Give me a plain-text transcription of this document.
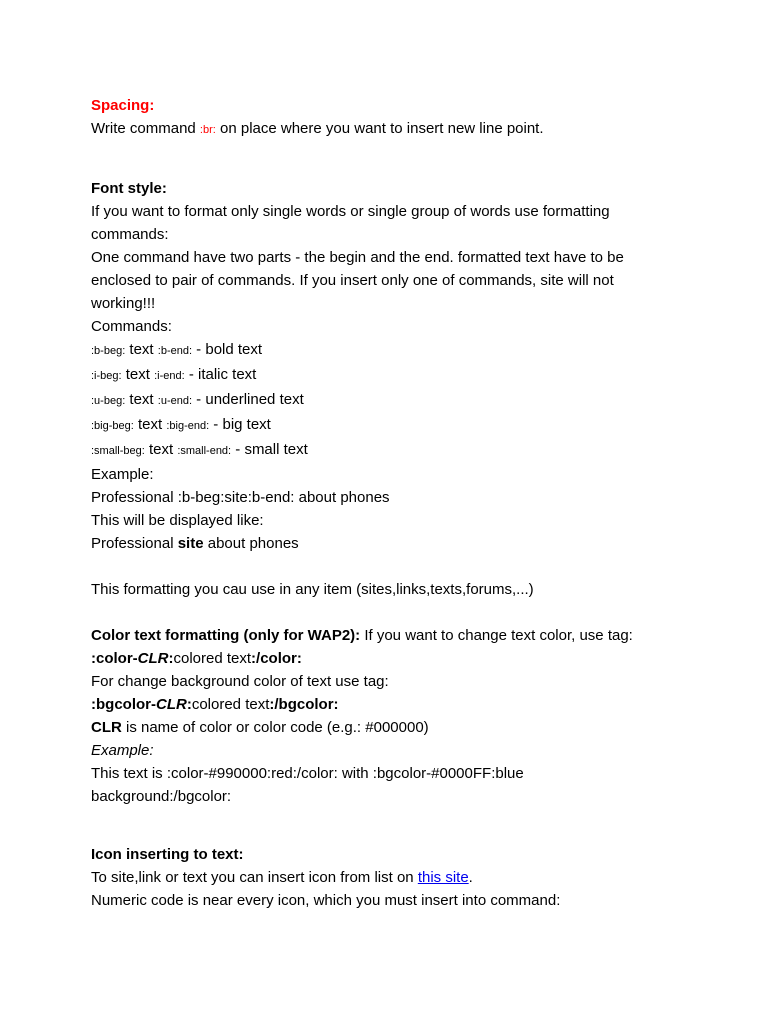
Spacing:
Write command :br: on place where you want to insert new line point.
Font style:
If you want to format only single words or single group of words use formatting
commands:
One command have two parts - the begin and the end. formatted text have to be
enclosed to pair of commands. If you insert only one of commands, site will not
working!!!
Commands:
:b-beg: text :b-end: - bold text
:i-beg: text :i-end: - italic text
:u-beg: text :u-end: - underlined text
:big-beg: text :big-end: - big text
:small-beg: text :small-end: - small text
Example:
Professional :b-beg:site:b-end: about phones
This will be displayed like:
Professional site about phones
This formatting you cau use in any item (sites,links,texts,forums,...)
Color text formatting (only for WAP2): If you want to change text color, use tag:
:color-CLR:colored text:/color:
For change background color of text use tag:
:bgcolor-CLR:colored text:/bgcolor:
CLR is name of color or color code (e.g.: #000000)
Example:
This text is :color-#990000:red:/color: with :bgcolor-#0000FF:blue
background:/bgcolor:
Icon inserting to text:
To site,link or text you can insert icon from list on this site.
Numeric code is near every icon, which you must insert into command:
